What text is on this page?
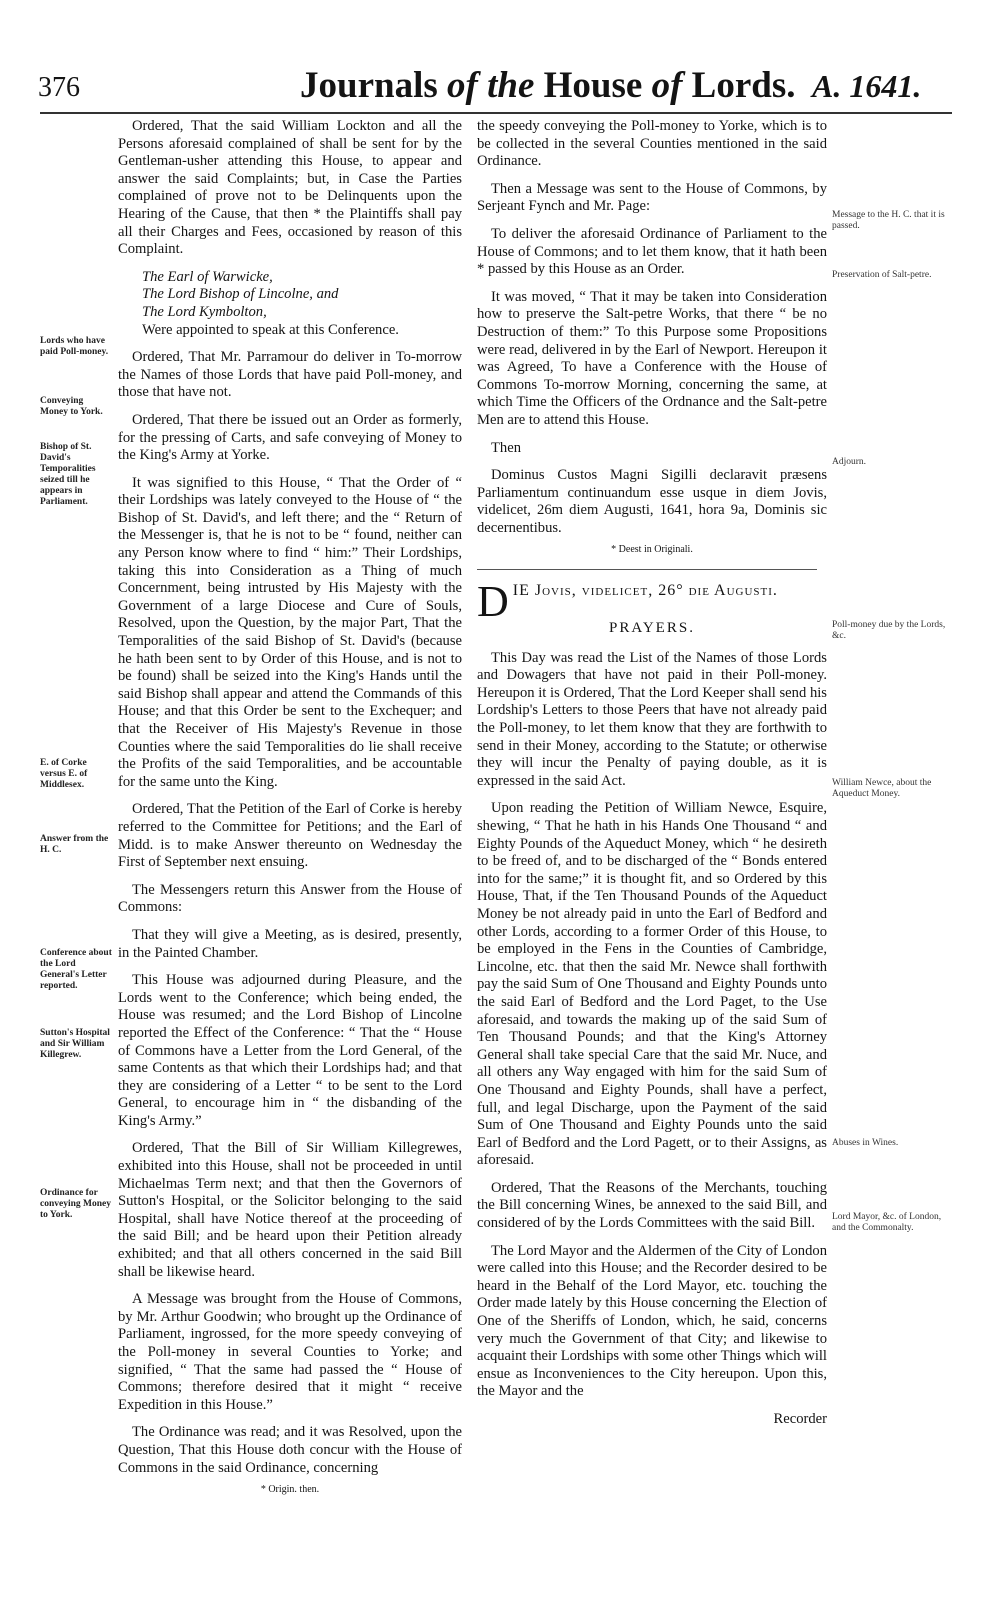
376	Journals of the House of Lords. A. 1641.
Lords who have paid Poll-money.
Conveying Money to York.
Bishop of St. David's Temporalities seized till he appears in Parliament.
E. of Corke versus E. of Middlesex.
Answer from the H. C.
Conference about the Lord General's Letter reported.
Sutton's Hospital and Sir William Killegrew.
Ordinance for conveying Money to York.

Ordered, That the said William Lockton and all the Persons aforesaid complained of shall be sent for by the Gentleman-usher attending this House, to appear and answer the said Complaints; but, in Case the Parties complained of prove not to be Delinquents upon the Hearing of the Cause, that then * the Plaintiffs shall pay all their Charges and Fees, occasioned by reason of this Complaint.

The Earl of Warwicke,
The Lord Bishop of Lincolne, and
The Lord Kymbolton,
Were appointed to speak at this Conference.

Ordered, That Mr. Parramour do deliver in To-morrow the Names of those Lords that have paid Poll-money, and those that have not.

Ordered, That there be issued out an Order as formerly, for the pressing of Carts, and safe conveying of Money to the King's Army at Yorke.

It was signified to this House, “ That the Order of “ their Lordships was lately conveyed to the House of “ the Bishop of St. David's, and left there; and the “ Return of the Messenger is, that he is not to be “ found, neither can any Person know where to find “ him:” Their Lordships, taking this into Consideration as a Thing of much Concernment, being intrusted by His Majesty with the Government of a large Diocese and Cure of Souls, Resolved, upon the Question, by the major Part, That the Temporalities of the said Bishop of St. David's (because he hath been sent to by Order of this House, and is not to be found) shall be seized into the King's Hands until the said Bishop shall appear and attend the Commands of this House; and that this Order be sent to the Exchequer; and that the Receiver of His Majesty's Revenue in those Counties where the said Temporalities do lie shall receive the Profits of the said Temporalities, and be accountable for the same unto the King.

Ordered, That the Petition of the Earl of Corke is hereby referred to the Committee for Petitions; and the Earl of Midd. is to make Answer thereunto on Wednesday the First of September next ensuing.

The Messengers return this Answer from the House of Commons:

That they will give a Meeting, as is desired, presently, in the Painted Chamber.

This House was adjourned during Pleasure, and the Lords went to the Conference; which being ended, the House was resumed; and the Lord Bishop of Lincolne reported the Effect of the Conference: “ That the “ House of Commons have a Letter from the Lord General, of the same Contents as that which their Lordships had; and that they are considering of a Letter “ to be sent to the Lord General, to encourage him in “ the disbanding of the King's Army.”

Ordered, That the Bill of Sir William Killegrewes, exhibited into this House, shall not be proceeded in until Michaelmas Term next; and that then the Governors of Sutton's Hospital, or the Solicitor belonging to the said Hospital, shall have Notice thereof at the proceeding of the said Bill; and be heard upon their Petition already exhibited; and that all others concerned in the said Bill shall be likewise heard.

A Message was brought from the House of Commons, by Mr. Arthur Goodwin; who brought up the Ordinance of Parliament, ingrossed, for the more speedy conveying of the Poll-money in several Counties to Yorke; and signified, “ That the same had passed the “ House of Commons; therefore desired that it might “ receive Expedition in this House.”

The Ordinance was read; and it was Resolved, upon the Question, That this House doth concur with the House of Commons in the said Ordinance, concerning

* Origin. then.

the speedy conveying the Poll-money to Yorke, which is to be collected in the several Counties mentioned in the said Ordinance.

Then a Message was sent to the House of Commons, by Serjeant Fynch and Mr. Page:

To deliver the aforesaid Ordinance of Parliament to the House of Commons; and to let them know, that it hath been * passed by this House as an Order.

It was moved, “ That it may be taken into Consideration how to preserve the Salt-petre Works, that there “ be no Destruction of them:” To this Purpose some Propositions were read, delivered in by the Earl of Newport. Hereupon it was Agreed, To have a Conference with the House of Commons To-morrow Morning, concerning the same, at which Time the Officers of the Ordnance and the Salt-petre Men are to attend this House.

Then

Dominus Custos Magni Sigilli declaravit præsens Parliamentum continuandum esse usque in diem Jovis, videlicet, 26m diem Augusti, 1641, hora 9a, Dominis sic decernentibus.

* Deest in Originali.
DIE Jovis, videlicet, 26° die Augusti.
PRAYERS.

This Day was read the List of the Names of those Lords and Dowagers that have not paid in their Poll-money. Hereupon it is Ordered, That the Lord Keeper shall send his Lordship's Letters to those Peers that have not already paid the Poll-money, to let them know that they are forthwith to send in their Money, according to the Statute; or otherwise they will incur the Penalty of paying double, as it is expressed in the said Act.

Upon reading the Petition of William Newce, Esquire, shewing, “ That he hath in his Hands One Thousand “ and Eighty Pounds of the Aqueduct Money, which “ he desireth to be freed of, and to be discharged of the “ Bonds entered into for the same;” it is thought fit, and so Ordered by this House, That, if the Ten Thousand Pounds of the Aqueduct Money be not already paid in unto the Earl of Bedford and other Lords, according to a former Order of this House, to be employed in the Fens in the Counties of Cambridge, Lincolne, etc. that then the said Mr. Newce shall forthwith pay the said Sum of One Thousand and Eighty Pounds unto the said Earl of Bedford and the Lord Paget, to the Use aforesaid, and towards the making up of the said Sum of Ten Thousand Pounds; and that the King's Attorney General shall take special Care that the said Mr. Nuce, and all others any Way engaged with him for the said Sum of One Thousand and Eighty Pounds, shall have a perfect, full, and legal Discharge, upon the Payment of the said Sum of One Thousand and Eighty Pounds unto the said Earl of Bedford and the Lord Pagett, or to their Assigns, as aforesaid.

Ordered, That the Reasons of the Merchants, touching the Bill concerning Wines, be annexed to the said Bill, and considered of by the Lords Committees with the said Bill.

The Lord Mayor and the Aldermen of the City of London were called into this House; and the Recorder desired to be heard in the Behalf of the Lord Mayor, etc. touching the Order made lately by this House concerning the Election of One of the Sheriffs of London, which, he said, concerns very much the Government of that City; and likewise to acquaint their Lordships with some other Things which will ensue as Inconveniences to the City hereupon. Upon this, the Mayor and the

Recorder
Message to the H. C. that it is passed.
Preservation of Salt-petre.
Adjourn.
Poll-money due by the Lords, &c.
William Newce, about the Aqueduct Money.
Abuses in Wines.
Lord Mayor, &c. of London, and the Commonalty.
